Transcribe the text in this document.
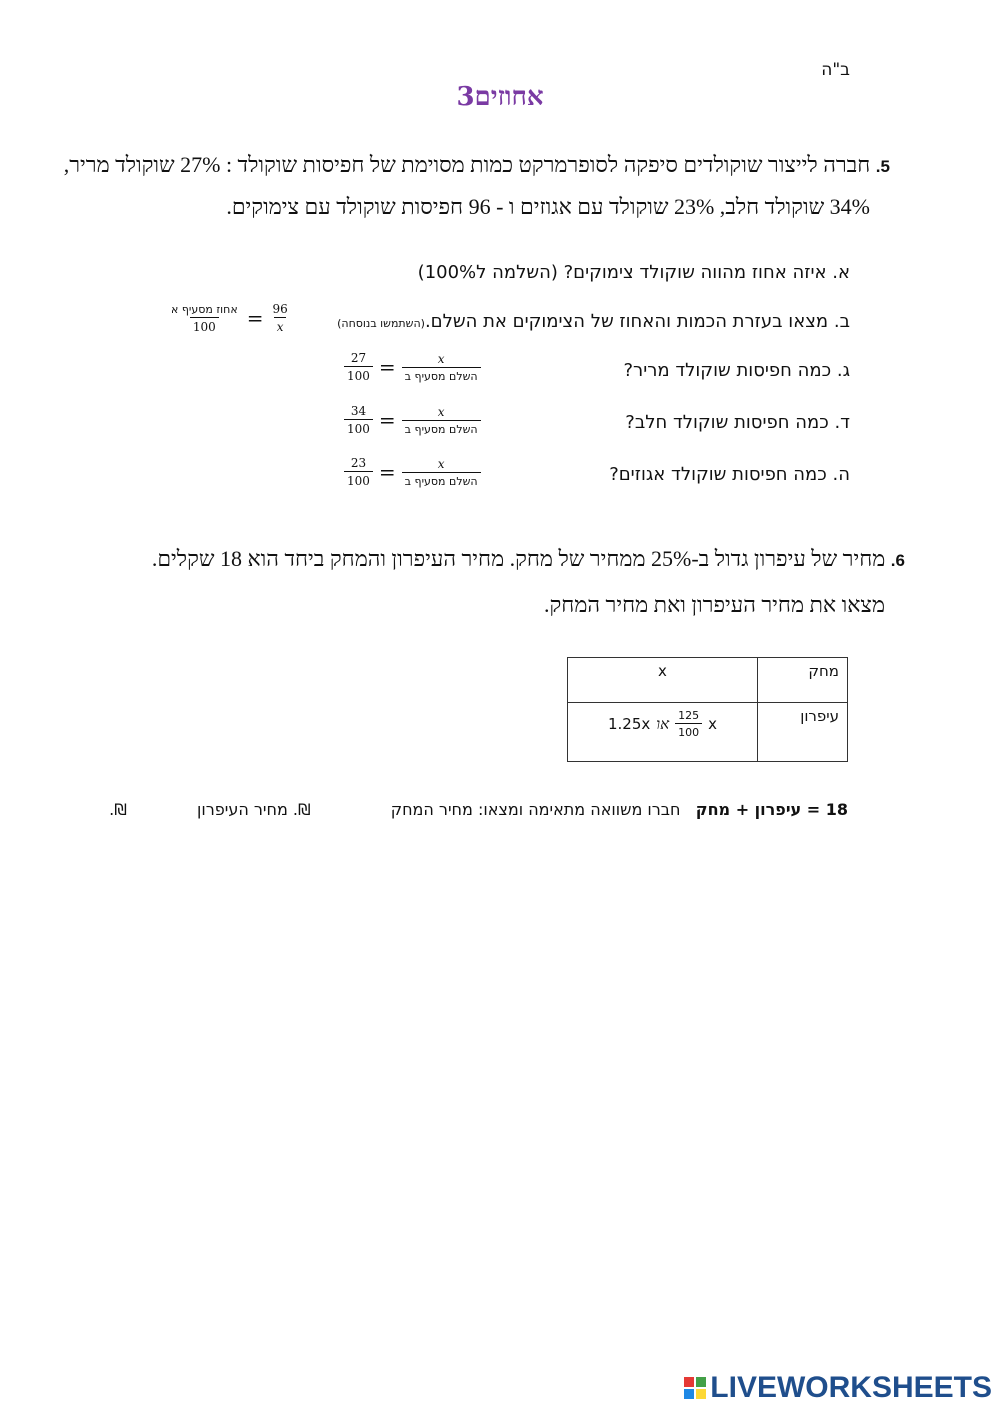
ב"ה
אחוזים3
5. חברה לייצור שוקולדים סיפקה לסופרמרקט כמות מסוימת של חפיסות שוקולד : 27% שוקולד מריר,
34% שוקולד חלב, 23% שוקולד עם אגוזים ו - 96 חפיסות שוקולד עם צימוקים.
א. איזה אחוז מהווה שוקולד צימוקים? (השלמה ל100%)
ב. מצאו בעזרת הכמות והאחוז של הצימוקים את השלם.(השתמשו בנוסחה)
$\frac{\text{אחוז מסעיף א}}{100} = \frac{96}{x}$
ג. כמה חפיסות שוקולד מריר?
$\frac{27}{100} = \frac{x}{\text{השלם מסעיף ב}}$
ד. כמה חפיסות שוקולד חלב?
$\frac{34}{100} = \frac{x}{\text{השלם מסעיף ב}}$
ה. כמה חפיסות שוקולד אגוזים?
$\frac{23}{100} = \frac{x}{\text{השלם מסעיף ב}}$
6. מחיר של עיפרון גדול ב-25% ממחיר של מחק. מחיר העיפרון והמחק ביחד הוא 18 שקלים.
מצאו את מחיר העיפרון ואת מחיר המחק.
מחק	x
עיפרון	1.25x או $\frac{125}{100}$ x
18 = עיפרון + מחק   חברו משוואה מתאימה ומצאו: מחיר המחק  ₪. מחיר העיפרון  ₪.
LIVEWORKSHEETS
